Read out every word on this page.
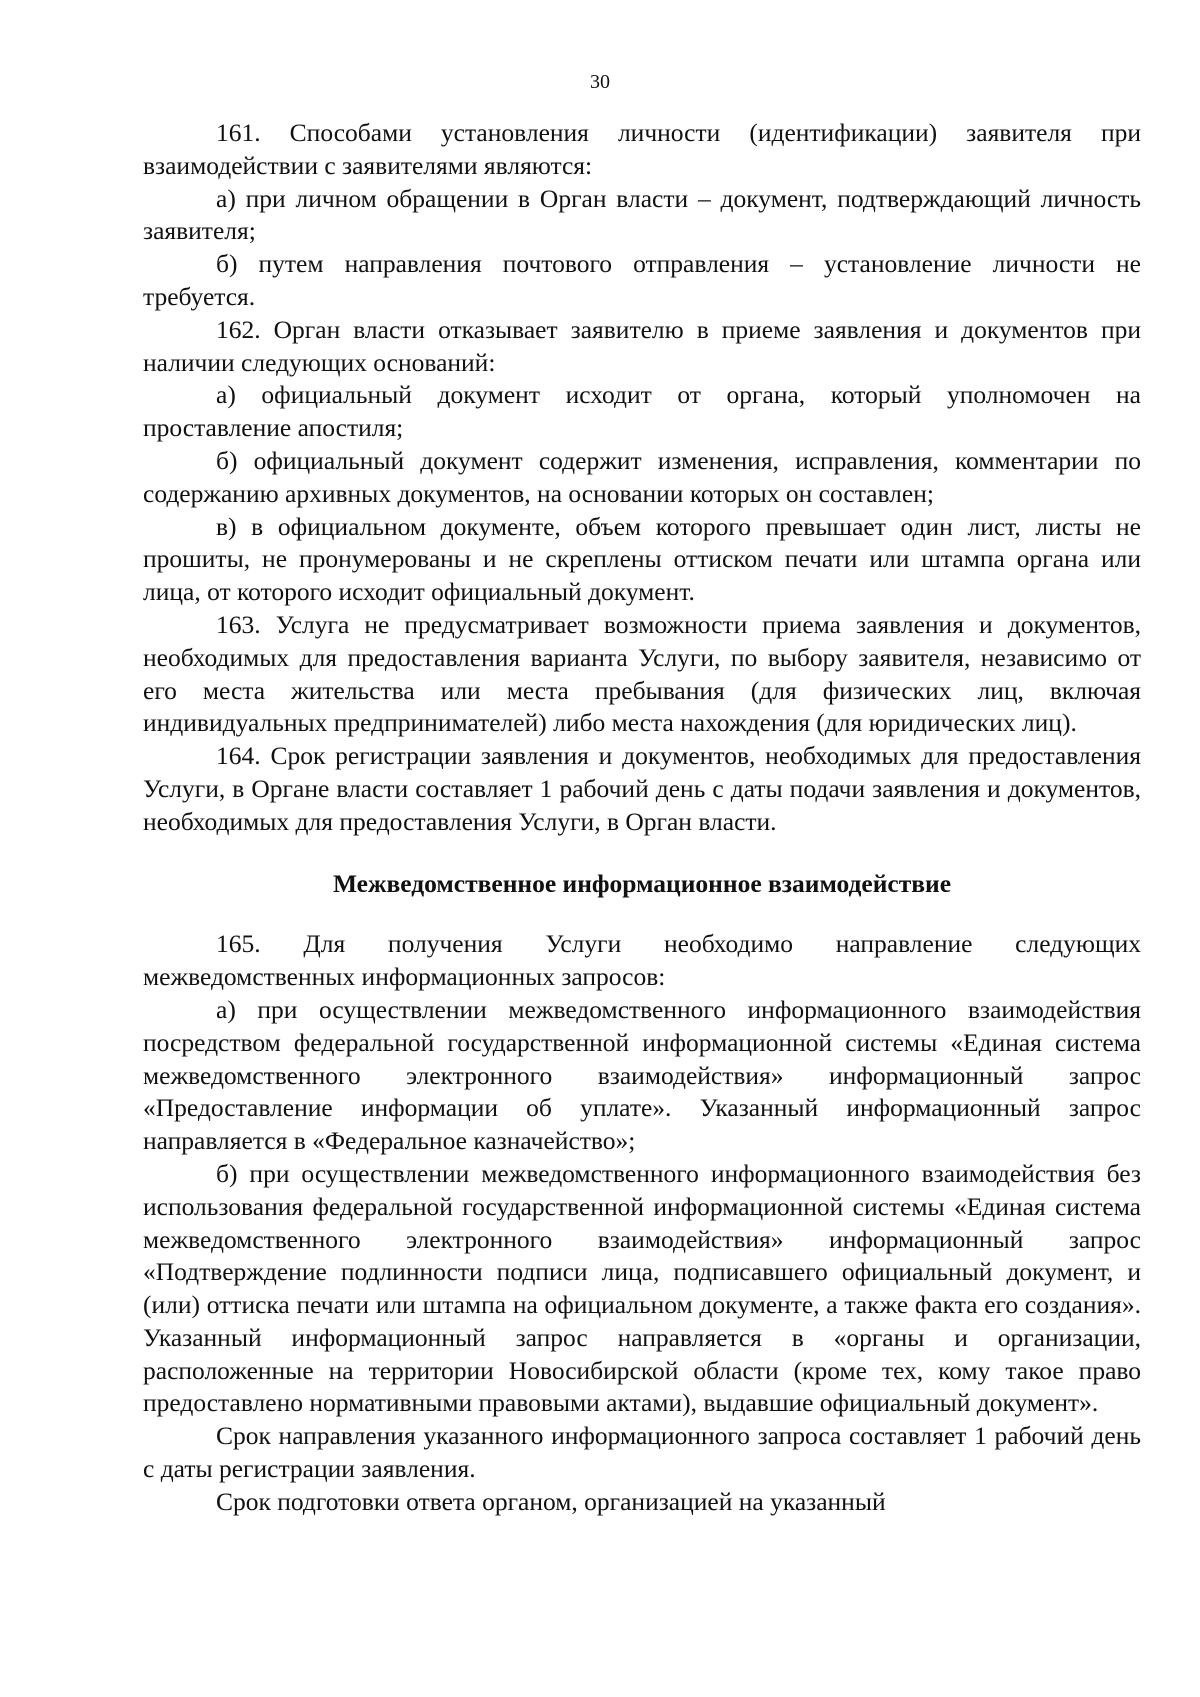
30

161. Способами установления личности (идентификации) заявителя при взаимодействии с заявителями являются:

а) при личном обращении в Орган власти – документ, подтверждающий личность заявителя;

б) путем направления почтового отправления – установление личности не требуется.

162. Орган власти отказывает заявителю в приеме заявления и документов при наличии следующих оснований:

а) официальный документ исходит от органа, который уполномочен на проставление апостиля;

б) официальный документ содержит изменения, исправления, комментарии по содержанию архивных документов, на основании которых он составлен;

в) в официальном документе, объем которого превышает один лист, листы не прошиты, не пронумерованы и не скреплены оттиском печати или штампа органа или лица, от которого исходит официальный документ.

163. Услуга не предусматривает возможности приема заявления и документов, необходимых для предоставления варианта Услуги, по выбору заявителя, независимо от его места жительства или места пребывания (для физических лиц, включая индивидуальных предпринимателей) либо места нахождения (для юридических лиц).

164. Срок регистрации заявления и документов, необходимых для предоставления Услуги, в Органе власти составляет 1 рабочий день с даты подачи заявления и документов, необходимых для предоставления Услуги, в Орган власти.

Межведомственное информационное взаимодействие

165. Для получения Услуги необходимо направление следующих межведомственных информационных запросов:

а) при осуществлении межведомственного информационного взаимодействия посредством федеральной государственной информационной системы «Единая система межведомственного электронного взаимодействия» информационный запрос «Предоставление информации об уплате». Указанный информационный запрос направляется в «Федеральное казначейство»;

б) при осуществлении межведомственного информационного взаимодействия без использования федеральной государственной информационной системы «Единая система межведомственного электронного взаимодействия» информационный запрос «Подтверждение подлинности подписи лица, подписавшего официальный документ, и (или) оттиска печати или штампа на официальном документе, а также факта его создания». Указанный информационный запрос направляется в «органы и организации, расположенные на территории Новосибирской области (кроме тех, кому такое право предоставлено нормативными правовыми актами), выдавшие официальный документ».

Срок направления указанного информационного запроса составляет 1 рабочий день с даты регистрации заявления.

Срок подготовки ответа органом, организацией на указанный
